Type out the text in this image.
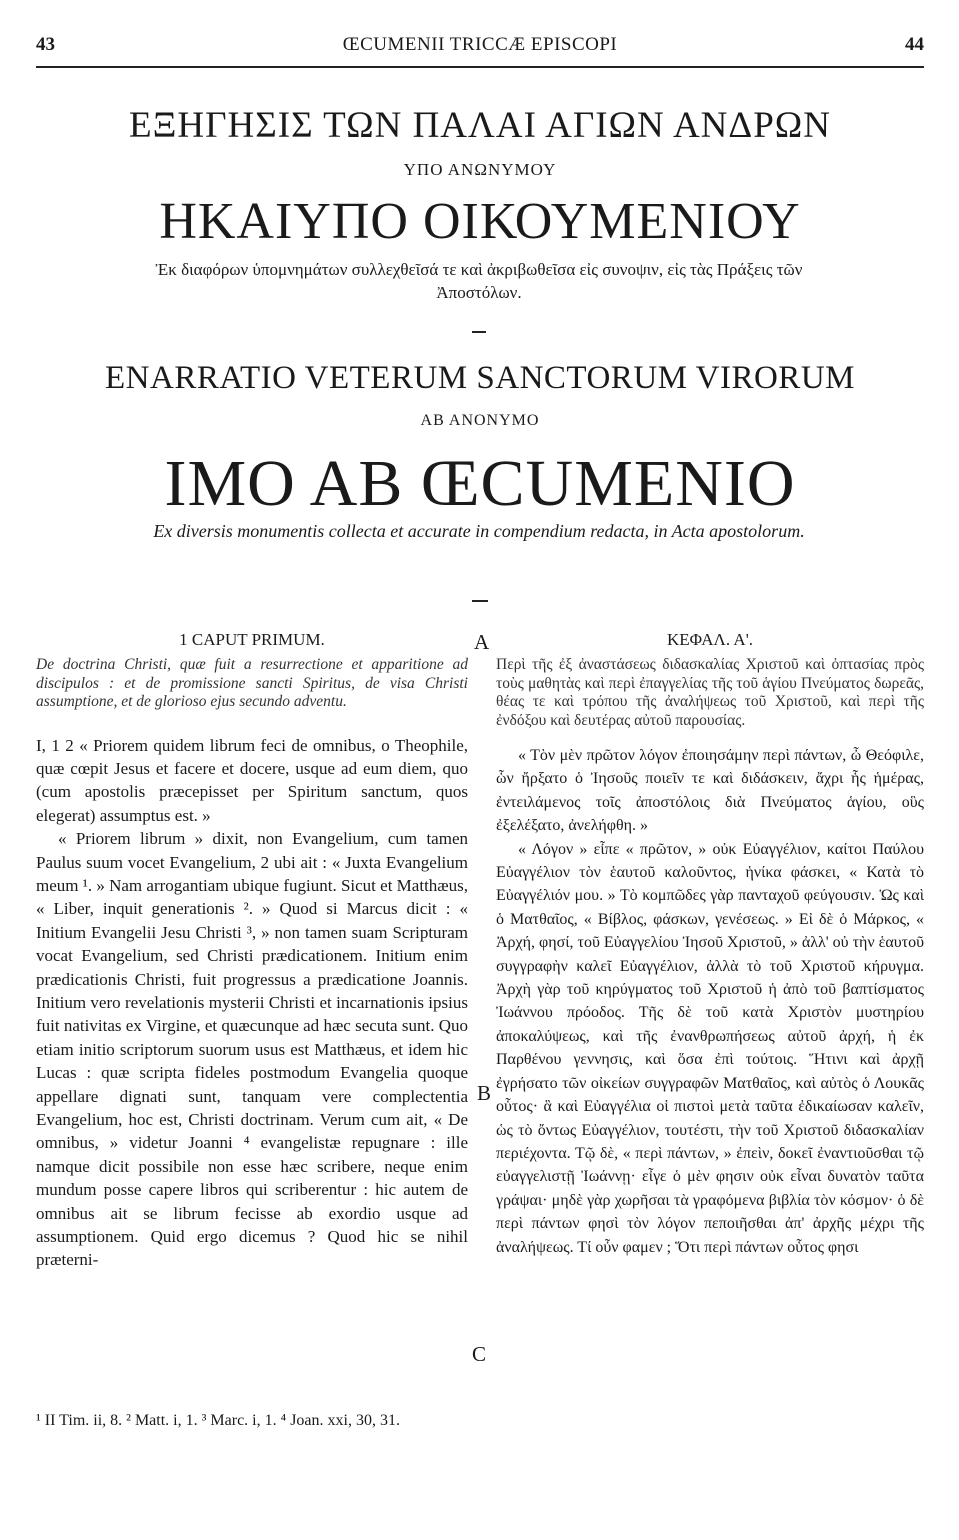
43	ŒCUMENII TRICCÆ EPISCOPI	44
ΕΞΗΓΗΣΙΣ ΤΩΝ ΠΑΛΑΙ ΑΓΙΩΝ ΑΝΔΡΩΝ
ΥΠΟ ΑΝΩΝΥΜΟΥ
ΗΚΑΙΥΠΟ ΟΙΚΟΥΜΕΝΙΟΥ
Ἐκ διαφόρων ὑπομνημάτων συλλεχθεῖσά τε καὶ ἀκριβωθεῖσα εἰς συνοψιν, εἰς τὰς Πράξεις τῶν Ἀποστόλων.
ENARRATIO VETERUM SANCTORUM VIRORUM
AB ANONYMO
IMO AB ŒCUMENIO
Ex diversis monumentis collecta et accurate in compendium redacta, in Acta apostolorum.

1 CAPUT PRIMUM.

De doctrina Christi, quæ fuit a resurrectione et apparitione ad discipulos : et de promissione sancti Spiritus, de visa Christi assumptione, et de glorioso ejus secundo adventu.

I, 1 2 « Priorem quidem librum feci de omnibus, o Theophile, quæ cœpit Jesus et facere et docere, usque ad eum diem, quo (cum apostolis præcepisset per Spiritum sanctum, quos elegerat) assumptus est. »

« Priorem librum » dixit, non Evangelium, cum tamen Paulus suum vocet Evangelium, 2 ubi ait : « Juxta Evangelium meum ¹. » Nam arrogantiam ubique fugiunt. Sicut et Matthæus, « Liber, inquit generationis ². » Quod si Marcus dicit : « Initium Evangelii Jesu Christi ³, » non tamen suam Scripturam vocat Evangelium, sed Christi prædicationem. Initium enim prædicationis Christi, fuit progressus a prædicatione Joannis. Initium vero revelationis mysterii Christi et incarnationis ipsius fuit nativitas ex Virgine, et quæcunque ad hæc secuta sunt. Quo etiam initio scriptorum suorum usus est Matthæus, et idem hic Lucas : quæ scripta fideles postmodum Evangelia quoque appellare dignati sunt, tanquam vere complectentia Evangelium, hoc est, Christi doctrinam. Verum cum ait, « De omnibus, » videtur Joanni ⁴ evangelistæ repugnare : ille namque dicit possibile non esse hæc scribere, neque enim mundum posse capere libros qui scriberentur : hic autem de omnibus ait se librum fecisse ab exordio usque ad assumptionem. Quid ergo dicemus ? Quod hic se nihil præterni-

A
B
C

ΚΕΦΑΛ. Α'.

Περὶ τῆς ἐξ ἀναστάσεως διδασκαλίας Χριστοῦ καὶ ὀπτασίας πρὸς τοὺς μαθητὰς καὶ περὶ ἐπαγγελίας τῆς τοῦ ἁγίου Πνεύματος δωρεᾶς, θέας τε καὶ τρόπου τῆς ἀναλήψεως τοῦ Χριστοῦ, καὶ περὶ τῆς ἐνδόξου καὶ δευτέρας αὐτοῦ παρουσίας.

« Τὸν μὲν πρῶτον λόγον ἐποιησάμην περὶ πάντων, ὦ Θεόφιλε, ὧν ἤρξατο ὁ Ἰησοῦς ποιεῖν τε καὶ διδάσκειν, ἄχρι ἧς ἡμέρας, ἐντειλάμενος τοῖς ἀποστόλοις διὰ Πνεύματος ἁγίου, οὓς ἐξελέξατο, ἀνελήφθη. »

« Λόγον » εἶπε « πρῶτον, » οὐκ Εὐαγγέλιον, καίτοι Παύλου Εὐαγγέλιον τὸν ἑαυτοῦ καλοῦντος, ἡνίκα φάσκει, « Κατὰ τὸ Εὐαγγέλιόν μου. » Τὸ κομπῶδες γὰρ πανταχοῦ φεύγουσιν. Ὡς καὶ ὁ Ματθαῖος, « Βίβλος, φάσκων, γενέσεως. » Εἰ δὲ ὁ Μάρκος, « Ἀρχή, φησί, τοῦ Εὐαγγελίου Ἰησοῦ Χριστοῦ, » ἀλλ' οὐ τὴν ἑαυτοῦ συγγραφὴν καλεῖ Εὐαγγέλιον, ἀλλὰ τὸ τοῦ Χριστοῦ κήρυγμα. Ἀρχὴ γὰρ τοῦ κηρύγματος τοῦ Χριστοῦ ἡ ἀπὸ τοῦ βαπτίσματος Ἰωάννου πρόοδος. Τῆς δὲ τοῦ κατὰ Χριστὸν μυστηρίου ἀποκαλύψεως, καὶ τῆς ἐνανθρωπήσεως αὐτοῦ ἀρχή, ἡ ἐκ Παρθένου γεννησις, καὶ ὅσα ἐπὶ τούτοις. Ἥτινι καὶ ἀρχῇ ἐγρήσατο τῶν οἰκείων συγγραφῶν Ματθαῖος, καὶ αὐτὸς ὁ Λουκᾶς οὗτος· ἃ καὶ Εὐαγγέλια οἱ πιστοὶ μετὰ ταῦτα ἐδικαίωσαν καλεῖν, ὡς τὸ ὄντως Εὐαγγέλιον, τουτέστι, τὴν τοῦ Χριστοῦ διδασκαλίαν περιέχοντα. Τῷ δὲ, « περὶ πάντων, » ἐπεὶν, δοκεῖ ἐναντιοῦσθαι τῷ εὐαγγελιστῇ Ἰωάννῃ· εἶγε ὁ μὲν φησιν οὐκ εἶναι δυνατὸν ταῦτα γράψαι· μηδὲ γὰρ χωρῆσαι τὰ γραφόμενα βιβλία τὸν κόσμον· ὁ δὲ περὶ πάντων φησὶ τὸν λόγον πεποιῆσθαι ἀπ' ἀρχῆς μέχρι τῆς ἀναλήψεως. Τί οὖν φαμεν ; Ὅτι περὶ πάντων οὗτος φησι

¹ II Tim. ii, 8. ² Matt. i, 1. ³ Marc. i, 1. ⁴ Joan. xxi, 30, 31.
